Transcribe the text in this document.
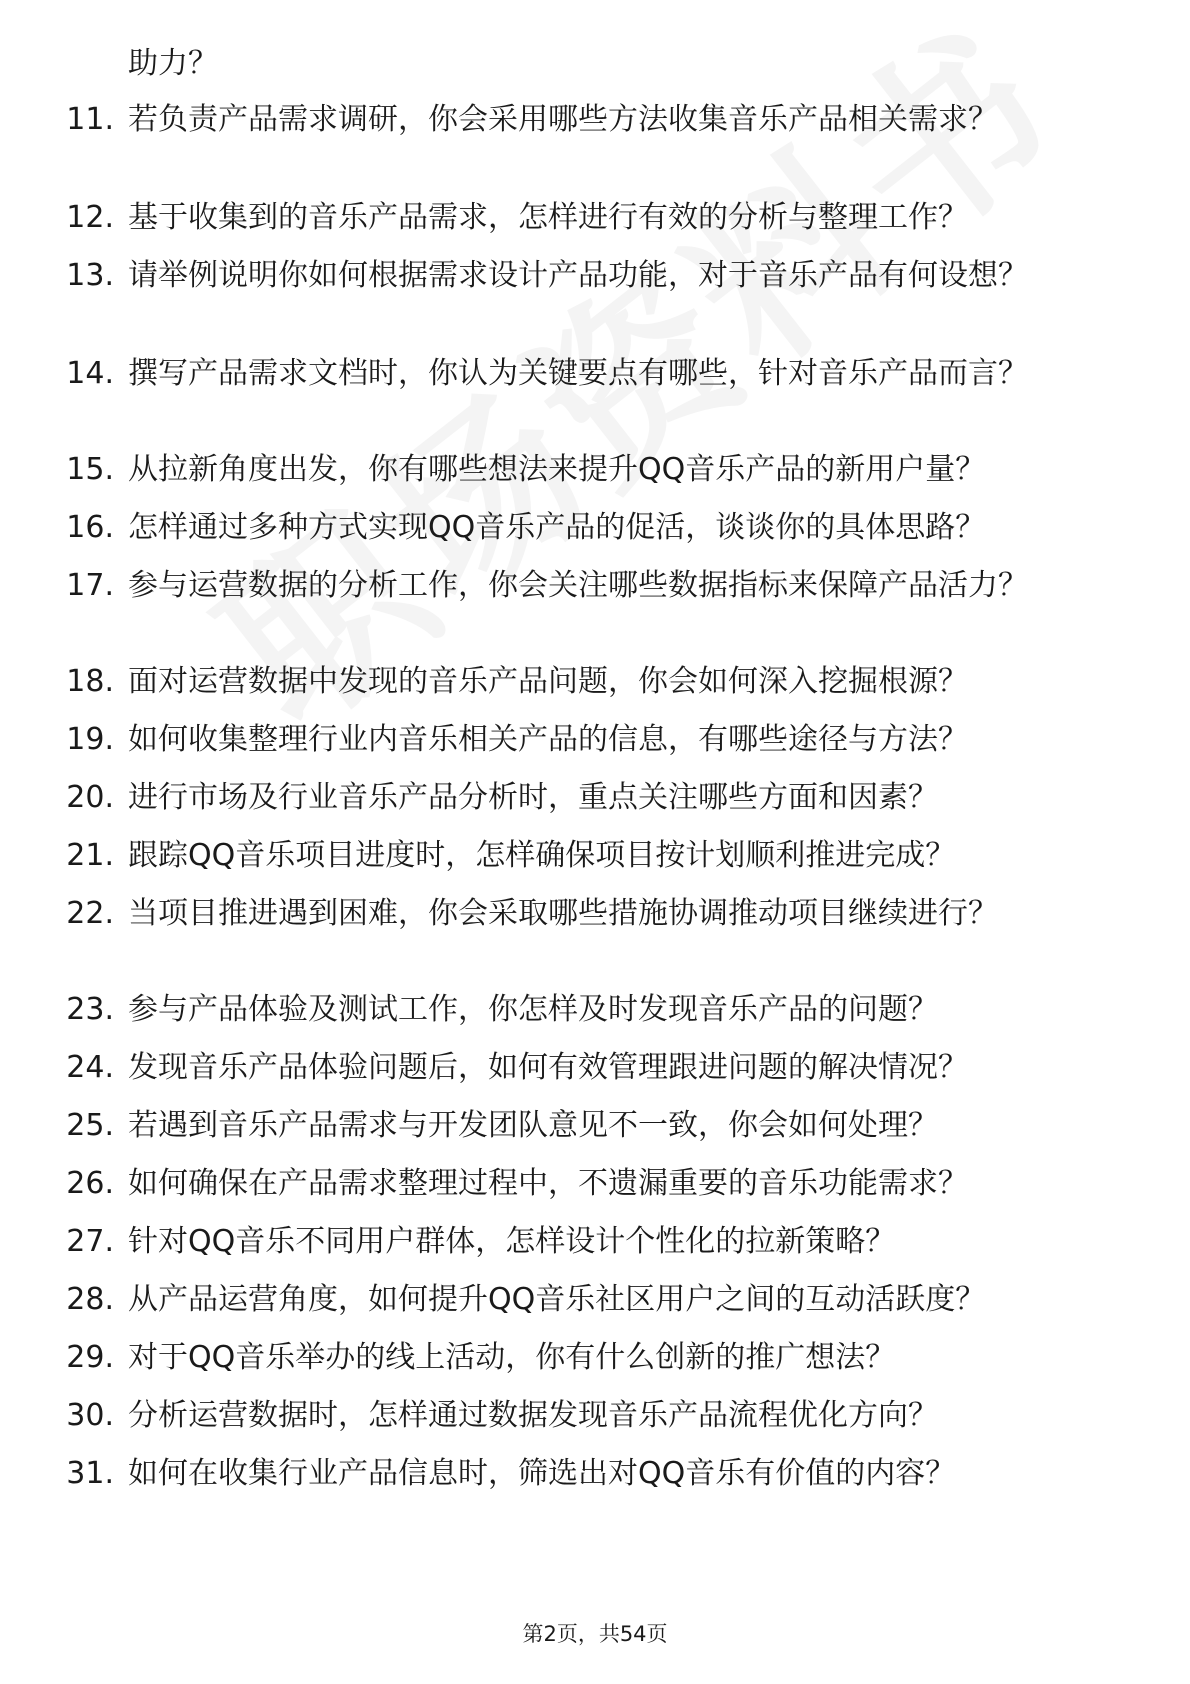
助力？
11. 若负责产品需求调研，你会采用哪些方法收集音乐产品相关需求？
12. 基于收集到的音乐产品需求，怎样进行有效的分析与整理工作？
13. 请举例说明你如何根据需求设计产品功能，对于音乐产品有何设想？
14. 撰写产品需求文档时，你认为关键要点有哪些，针对音乐产品而言？
15. 从拉新角度出发，你有哪些想法来提升QQ音乐产品的新用户量？
16. 怎样通过多种方式实现QQ音乐产品的促活，谈谈你的具体思路？
17. 参与运营数据的分析工作，你会关注哪些数据指标来保障产品活力？
18. 面对运营数据中发现的音乐产品问题，你会如何深入挖掘根源？
19. 如何收集整理行业内音乐相关产品的信息，有哪些途径与方法？
20. 进行市场及行业音乐产品分析时，重点关注哪些方面和因素？
21. 跟踪QQ音乐项目进度时，怎样确保项目按计划顺利推进完成？
22. 当项目推进遇到困难，你会采取哪些措施协调推动项目继续进行？
23. 参与产品体验及测试工作，你怎样及时发现音乐产品的问题？
24. 发现音乐产品体验问题后，如何有效管理跟进问题的解决情况？
25. 若遇到音乐产品需求与开发团队意见不一致，你会如何处理？
26. 如何确保在产品需求整理过程中，不遗漏重要的音乐功能需求？
27. 针对QQ音乐不同用户群体，怎样设计个性化的拉新策略？
28. 从产品运营角度，如何提升QQ音乐社区用户之间的互动活跃度？
29. 对于QQ音乐举办的线上活动，你有什么创新的推广想法？
30. 分析运营数据时，怎样通过数据发现音乐产品流程优化方向？
31. 如何在收集行业产品信息时，筛选出对QQ音乐有价值的内容？
第2页，共54页
